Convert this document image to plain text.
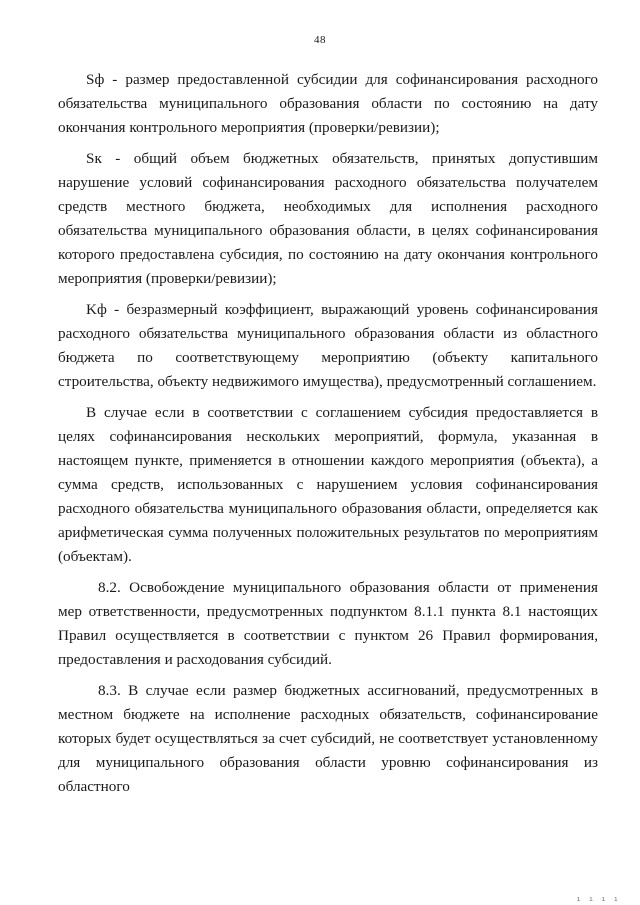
48

Sф - размер предоставленной субсидии для софинансирования расходного обязательства муниципального образования области по состоянию на дату окончания контрольного мероприятия (проверки/ревизии);

Sк - общий объем бюджетных обязательств, принятых допустившим нарушение условий софинансирования расходного обязательства получателем средств местного бюджета, необходимых для исполнения расходного обязательства муниципального образования области, в целях софинансирования которого предоставлена субсидия, по состоянию на дату окончания контрольного мероприятия (проверки/ревизии);

Kф - безразмерный коэффициент, выражающий уровень софинансирования расходного обязательства муниципального образования области из областного бюджета по соответствующему мероприятию (объекту капитального строительства, объекту недвижимого имущества), предусмотренный соглашением.

В случае если в соответствии с соглашением субсидия предоставляется в целях софинансирования нескольких мероприятий, формула, указанная в настоящем пункте, применяется в отношении каждого мероприятия (объекта), а сумма средств, использованных с нарушением условия софинансирования расходного обязательства муниципального образования области, определяется как арифметическая сумма полученных положительных результатов по мероприятиям (объектам).

8.2. Освобождение муниципального образования области от применения мер ответственности, предусмотренных подпунктом 8.1.1 пункта 8.1 настоящих Правил осуществляется в соответствии с пунктом 26 Правил формирования, предоставления и расходования субсидий.

8.3. В случае если размер бюджетных ассигнований, предусмотренных в местном бюджете на исполнение расходных обязательств, софинансирование которых будет осуществляться за счет субсидий, не соответствует установленному для муниципального образования области уровню софинансирования из областного

ı ı ı ı
